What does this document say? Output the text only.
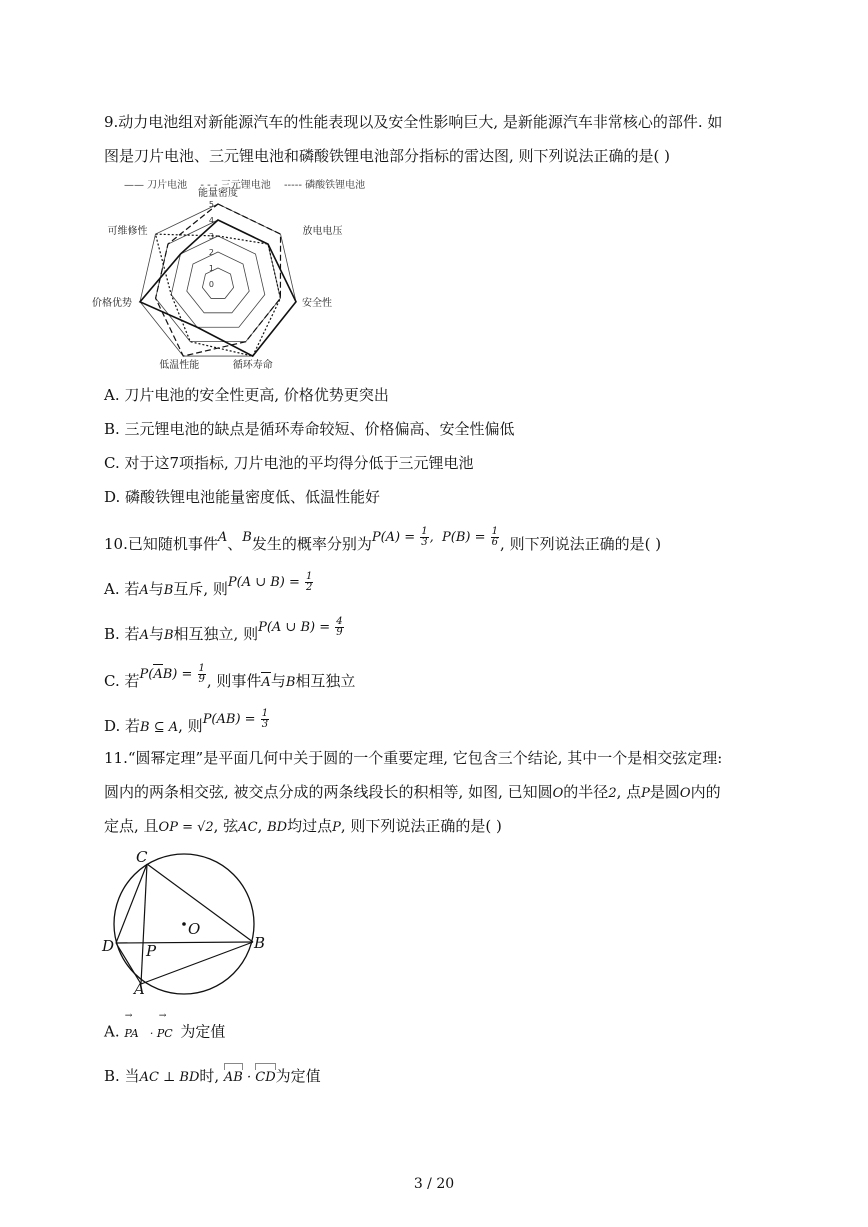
9.动力电池组对新能源汽车的性能表现以及安全性影响巨大, 是新能源汽车非常核心的部件. 如
图是刀片电池、三元锂电池和磷酸铁锂电池部分指标的雷达图, 则下列说法正确的是( )
—— 刀片电池 - - - 三元锂电池 ----- 磷酸铁锂电池
0
1
2
3
4
5
能量密度
放电电压
安全性
循环寿命
低温性能
价格优势
可维修性
A. 刀片电池的安全性更高, 价格优势更突出
B. 三元锂电池的缺点是循环寿命较短、价格偏高、安全性偏低
C. 对于这7项指标, 刀片电池的平均得分低于三元锂电池
D. 磷酸铁锂电池能量密度低、低温性能好
10.已知随机事件A、B发生的概率分别为$P(A) = \frac{1}{3}$ ,  $P(B) = \frac{1}{6}$ , 则下列说法正确的是( )
A. 若A与B互斥, 则P(A ∪ $B) = \frac{1}{2}$
B. 若A与B相互独立, 则P(A ∪ $B) = \frac{4}{9}$
C. 若$P(AB) = \frac{1}{9}$ , 则事件A与B相互独立
D. 若B ⊆ A, 则$P(AB) = \frac{1}{3}$
11.“圆幂定理”是平面几何中关于圆的一个重要定理, 它包含三个结论, 其中一个是相交弦定理:
圆内的两条相交弦, 被交点分成的两条线段长的积相等, 如图, 已知圆O的半径2, 点P是圆O内的
定点, 且OP = √2, 弦AC, BD均过点P, 则下列说法正确的是( )
C
O
D P	B
A
A. PA→ · PC→为定值
B. 当AC ⊥ BD时, AB · CD为定值
3 / 20
